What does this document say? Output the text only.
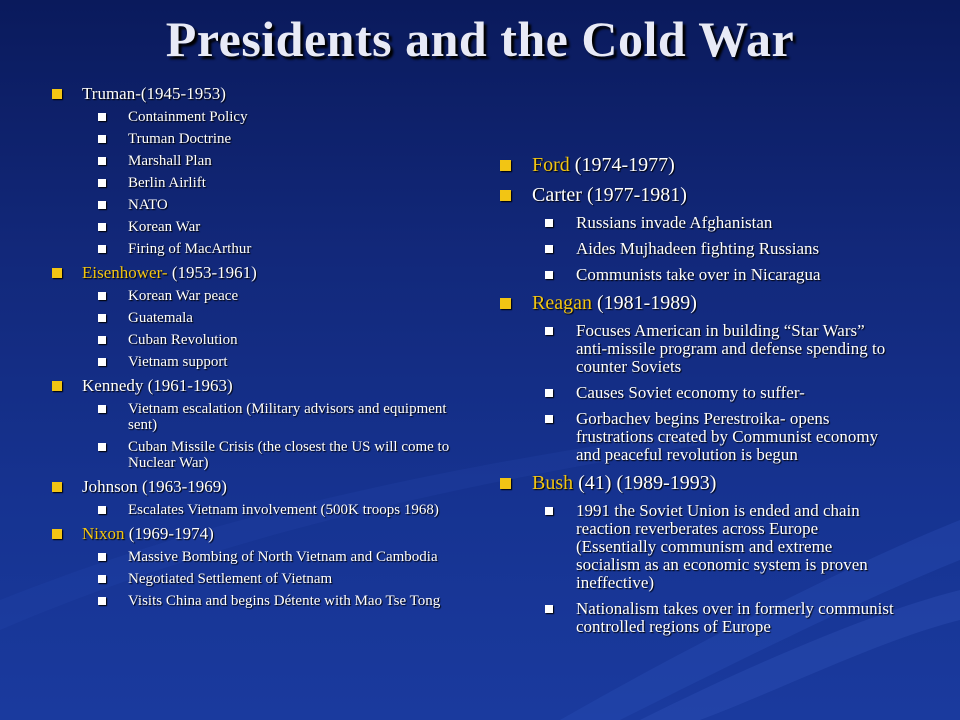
Presidents and the Cold War
Truman-(1945-1953)
Containment Policy
Truman Doctrine
Marshall Plan
Berlin Airlift
NATO
Korean War
Firing of MacArthur
Eisenhower- (1953-1961)
Korean War peace
Guatemala
Cuban Revolution
Vietnam support
Kennedy (1961-1963)
Vietnam escalation (Military advisors and equipment sent)
Cuban Missile Crisis (the closest the US will come to Nuclear War)
Johnson (1963-1969)
Escalates Vietnam involvement (500K troops 1968)
Nixon (1969-1974)
Massive Bombing of North Vietnam and Cambodia
Negotiated Settlement of Vietnam
Visits China and begins Détente with Mao Tse Tong
Ford (1974-1977)
Carter (1977-1981)
Russians invade Afghanistan
Aides Mujhadeen fighting Russians
Communists take over in Nicaragua
Reagan (1981-1989)
Focuses American in building “Star Wars” anti-missile program and defense spending to counter Soviets
Causes Soviet economy to suffer-
Gorbachev begins Perestroika- opens frustrations created by Communist economy and peaceful revolution is begun
Bush (41) (1989-1993)
1991 the Soviet Union is ended and chain reaction reverberates across Europe (Essentially communism and extreme socialism as an economic system is proven ineffective)
Nationalism takes over in formerly communist controlled regions of Europe
